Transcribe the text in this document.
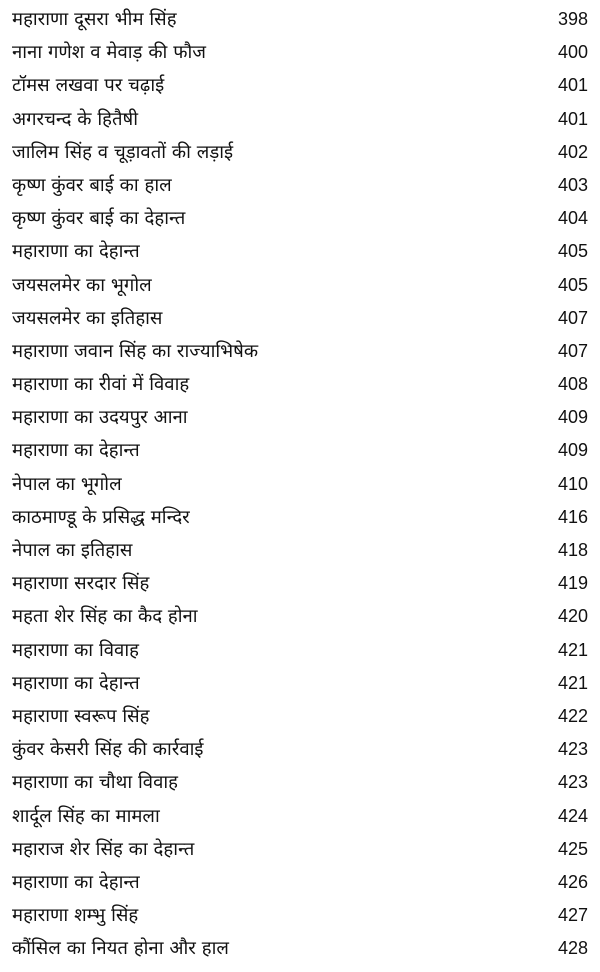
महाराणा दूसरा भीम सिंह	398
नाना गणेश व मेवाड़ की फौज	400
टॉमस लखवा पर चढ़ाई	401
अगरचन्द के हितैषी	401
जालिम सिंह व चूड़ावतों की लड़ाई	402
कृष्ण कुंवर बाई का हाल	403
कृष्ण कुंवर बाई का देहान्त	404
महाराणा का देहान्त	405
जयसलमेर का भूगोल	405
जयसलमेर का इतिहास	407
महाराणा जवान सिंह का राज्याभिषेक	407
महाराणा का रीवां में विवाह	408
महाराणा का उदयपुर आना	409
महाराणा का देहान्त	409
नेपाल का भूगोल	410
काठमाण्डू के प्रसिद्ध मन्दिर	416
नेपाल का इतिहास	418
महाराणा सरदार सिंह	419
महता शेर सिंह का कैद होना	420
महाराणा का विवाह	421
महाराणा का देहान्त	421
महाराणा स्वरूप सिंह	422
कुंवर केसरी सिंह की कार्रवाई	423
महाराणा का चौथा विवाह	423
शार्दूल सिंह का मामला	424
महाराज शेर सिंह का देहान्त	425
महाराणा का देहान्त	426
महाराणा शम्भु सिंह	427
कौंसिल का नियत होना और हाल	428
